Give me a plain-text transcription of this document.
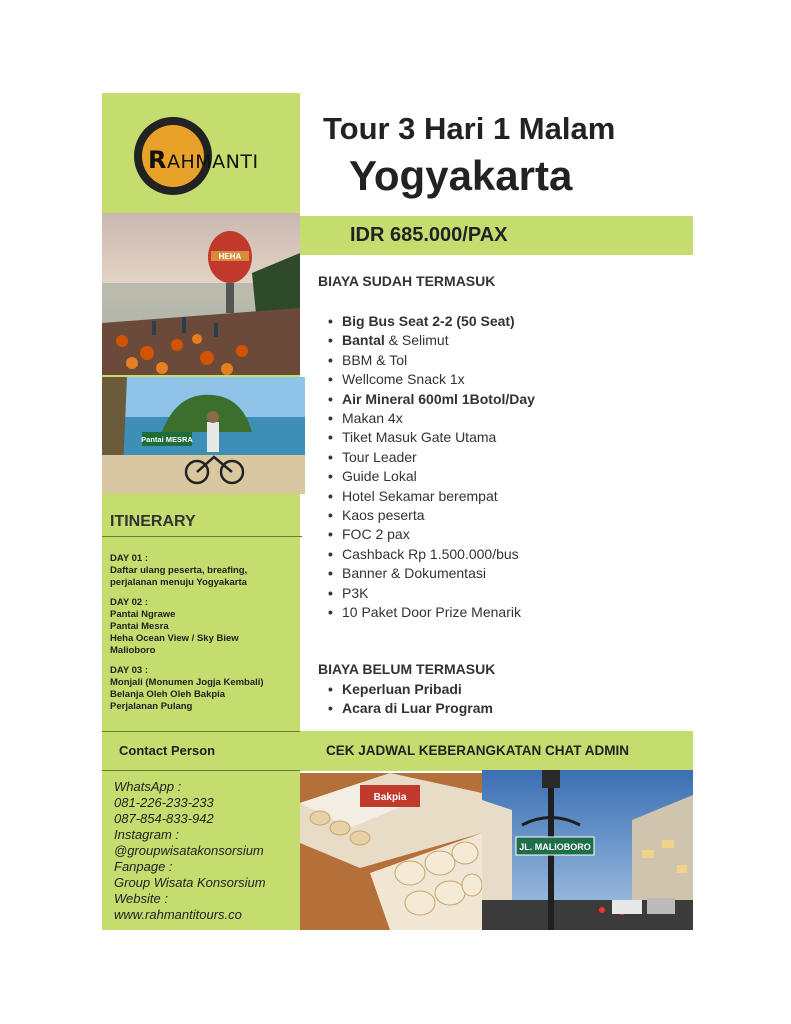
RAHMANTI
HEHA
Pantai MESRA
ITINERARY
DAY 01 :
Daftar ulang peserta, breafing,
perjalanan menuju Yogyakarta
DAY 02 :
Pantai Ngrawe
Pantai Mesra
Heha Ocean View / Sky Biew
Malioboro
DAY 03 :
Monjali (Monumen Jogja Kembali)
Belanja Oleh Oleh Bakpia
Perjalanan Pulang
Contact Person
WhatsApp :
081-226-233-233
087-854-833-942
Instagram :
@groupwisatakonsorsium
Fanpage :
Group Wisata Konsorsium
Website :
www.rahmantitours.co
Tour 3 Hari 1 Malam
Yogyakarta
IDR 685.000/PAX
BIAYA SUDAH TERMASUK
• Big Bus Seat 2-2 (50 Seat)
• Bantal & Selimut
• BBM & Tol
• Wellcome Snack 1x
• Air Mineral 600ml 1Botol/Day
• Makan 4x
• Tiket Masuk Gate Utama
• Tour Leader
• Guide Lokal
• Hotel Sekamar berempat
• Kaos peserta
• FOC 2 pax
• Cashback Rp 1.500.000/bus
• Banner & Dokumentasi
• P3K
• 10 Paket Door Prize Menarik
BIAYA BELUM TERMASUK
• Keperluan Pribadi
• Acara di Luar Program
CEK JADWAL KEBERANGKATAN CHAT ADMIN
Bakpia
JL. MALIOBORO
